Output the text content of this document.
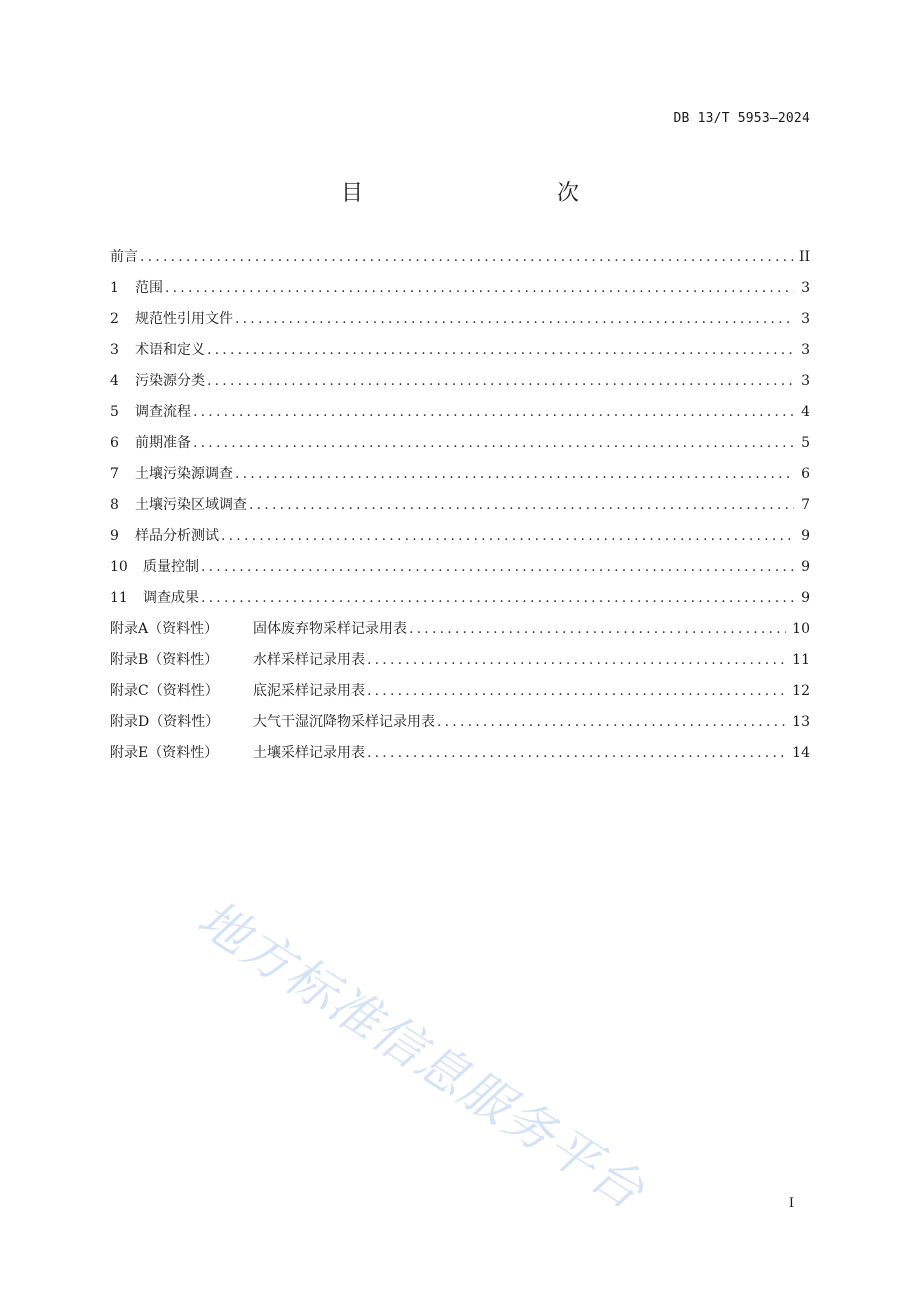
DB 13/T 5953—2024
目　　次
前言 .....	II
1	范围 .....	3
2	规范性引用文件 .....	3
3	术语和定义 .....	3
4	污染源分类 .....	3
5	调查流程 .....	4
6	前期准备 .....	5
7	土壤污染源调查 .....	6
8	土壤污染区域调查 .....	7
9	样品分析测试 .....	9
10	质量控制 .....	9
11	调查成果 .....	9
附录A（资料性）	固体废弃物采样记录用表 .....	10
附录B（资料性）	水样采样记录用表 .....	11
附录C（资料性）	底泥采样记录用表 .....	12
附录D（资料性）	大气干湿沉降物采样记录用表 .....	13
附录E（资料性）	土壤采样记录用表 .....	14
地方标准信息服务平台	I
